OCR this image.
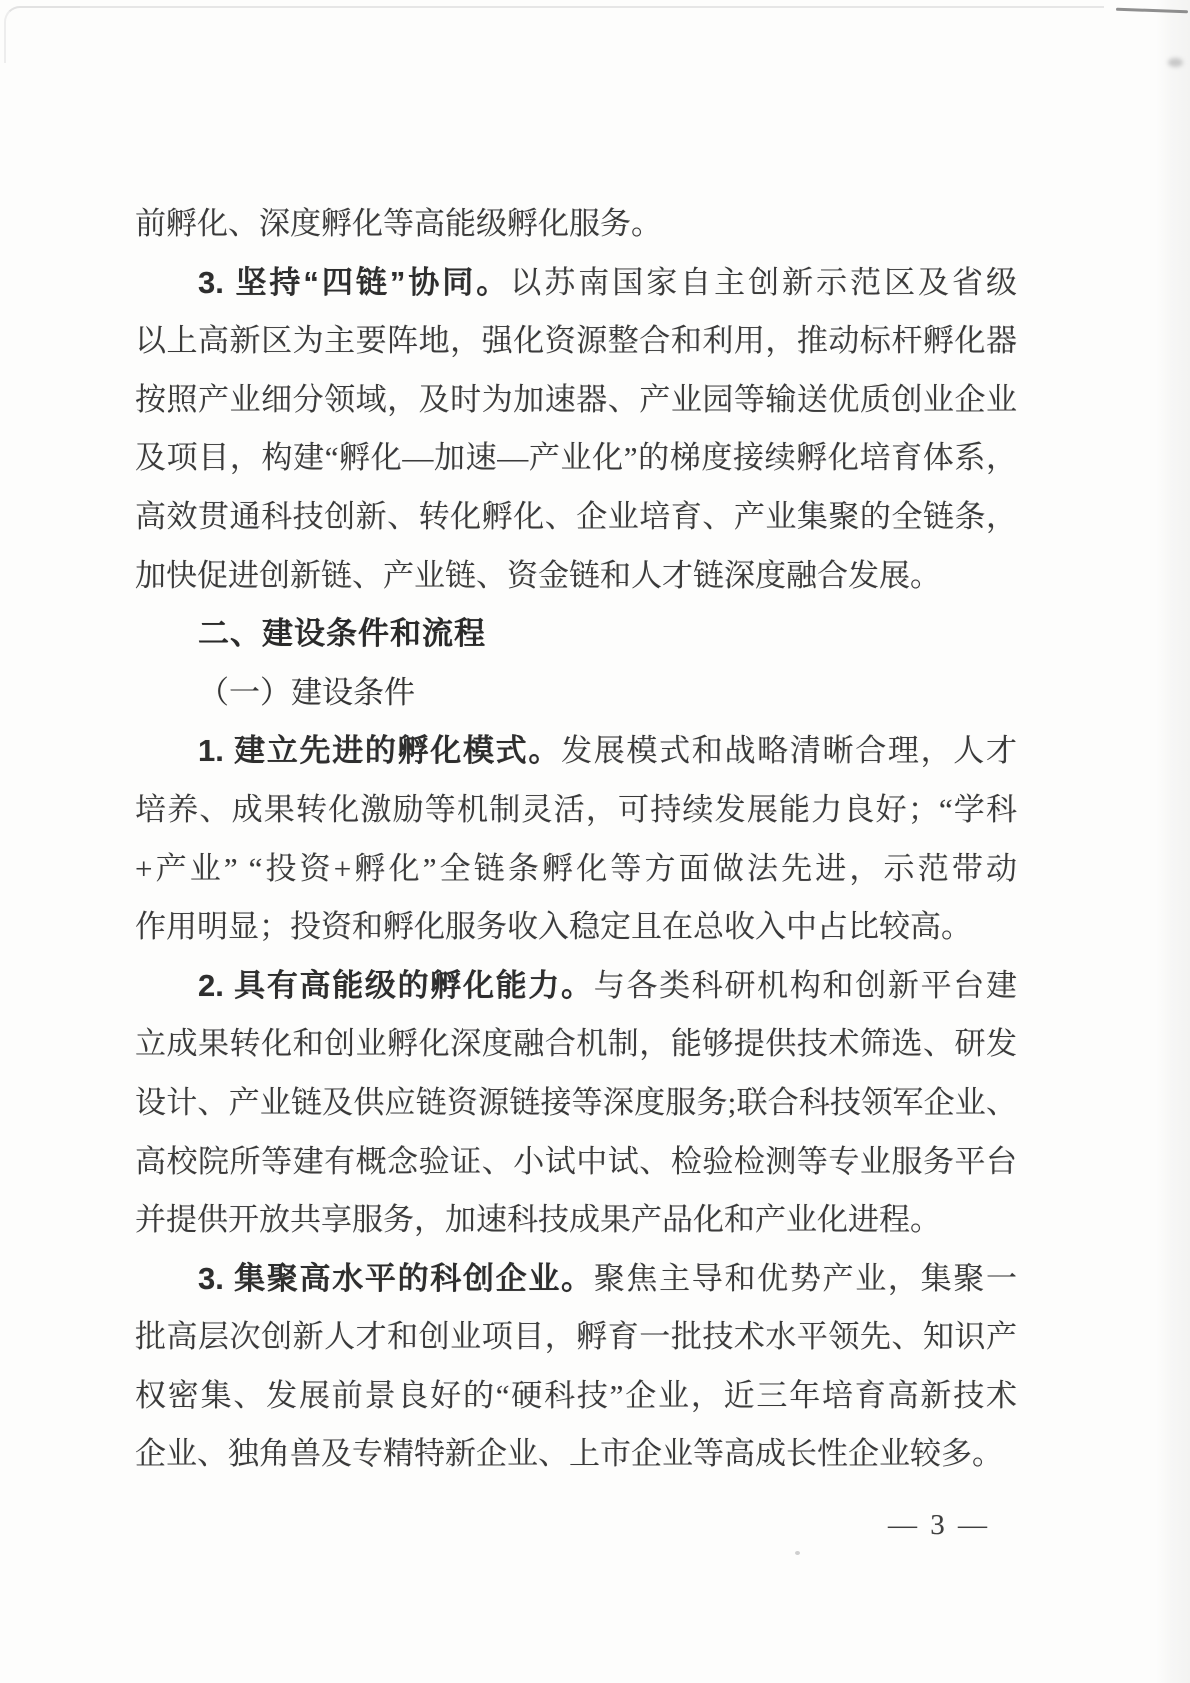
前孵化、深度孵化等高能级孵化服务。
3. 坚持“四链”协同。以苏南国家自主创新示范区及省级
以上高新区为主要阵地，强化资源整合和利用，推动标杆孵化器
按照产业细分领域，及时为加速器、产业园等输送优质创业企业
及项目，构建“孵化—加速—产业化”的梯度接续孵化培育体系，
高效贯通科技创新、转化孵化、企业培育、产业集聚的全链条，
加快促进创新链、产业链、资金链和人才链深度融合发展。
二、建设条件和流程
（一）建设条件
1. 建立先进的孵化模式。发展模式和战略清晰合理，人才
培养、成果转化激励等机制灵活，可持续发展能力良好；“学科
+产业” “投资+孵化”全链条孵化等方面做法先进，示范带动
作用明显；投资和孵化服务收入稳定且在总收入中占比较高。
2. 具有高能级的孵化能力。与各类科研机构和创新平台建
立成果转化和创业孵化深度融合机制，能够提供技术筛选、研发
设计、产业链及供应链资源链接等深度服务;联合科技领军企业、
高校院所等建有概念验证、小试中试、检验检测等专业服务平台
并提供开放共享服务，加速科技成果产品化和产业化进程。
3. 集聚高水平的科创企业。聚焦主导和优势产业，集聚一
批高层次创新人才和创业项目，孵育一批技术水平领先、知识产
权密集、发展前景良好的“硬科技”企业，近三年培育高新技术
企业、独角兽及专精特新企业、上市企业等高成长性企业较多。
— 3 —
